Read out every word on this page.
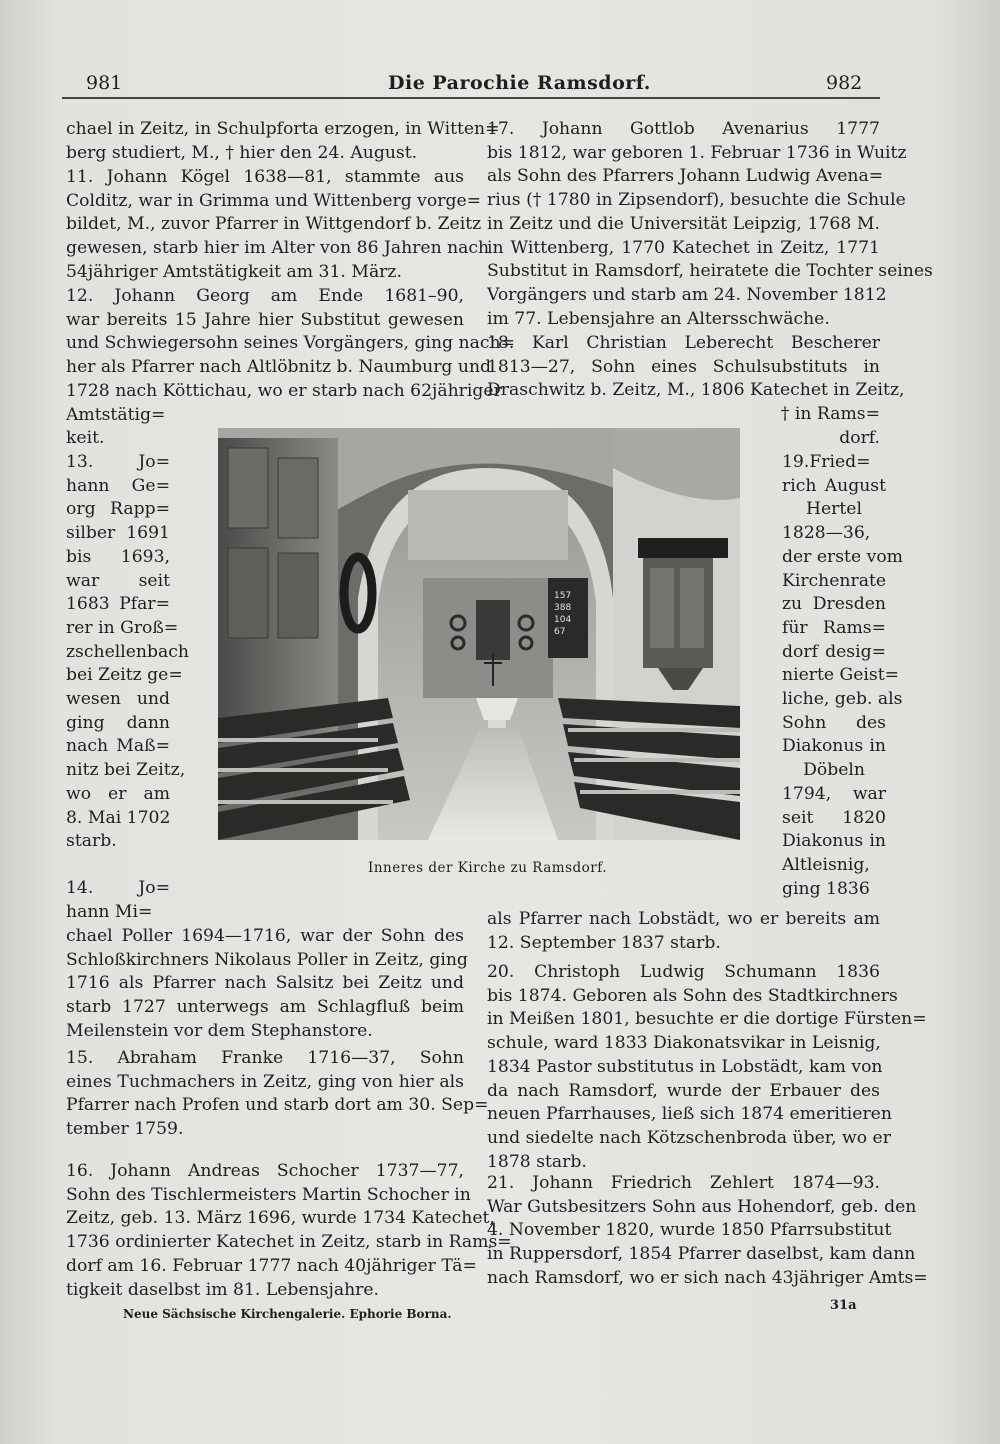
981	Die Parochie Ramsdorf.	982
chael in Zeitz, in Schulpforta erzogen, in Witten=
berg studiert, M., † hier den 24. August.
11. Johann Kögel 1638—81, stammte aus
Colditz, war in Grimma und Wittenberg vorge=
bildet, M., zuvor Pfarrer in Wittgendorf b. Zeitz
gewesen, starb hier im Alter von 86 Jahren nach
54jähriger Amtstätigkeit am 31. März.
12. Johann Georg am Ende 1681–90,
war bereits 15 Jahre hier Substitut gewesen
und Schwiegersohn seines Vorgängers, ging nach=
her als Pfarrer nach Altlöbnitz b. Naumburg und
1728 nach Köttichau, wo er starb nach 62jähriger
Amtstätig=
keit.
13. Jo=
hann Ge=
org Rapp=
silber 1691
bis 1693,
war seit
1683 Pfar=
rer in Groß=
zschellenbach
bei Zeitz ge=
wesen und
ging dann
nach Maß=
nitz bei Zeitz,
wo er am
8. Mai 1702
starb.
14. Jo=
hann Mi=
chael Poller 1694—1716, war der Sohn des
Schloßkirchners Nikolaus Poller in Zeitz, ging
1716 als Pfarrer nach Salsitz bei Zeitz und
starb 1727 unterwegs am Schlagfluß beim
Meilenstein vor dem Stephanstore.
15. Abraham Franke 1716—37, Sohn
eines Tuchmachers in Zeitz, ging von hier als
Pfarrer nach Profen und starb dort am 30. Sep=
tember 1759.
16. Johann Andreas Schocher 1737—77,
Sohn des Tischlermeisters Martin Schocher in
Zeitz, geb. 13. März 1696, wurde 1734 Katechet,
1736 ordinierter Katechet in Zeitz, starb in Rams=
dorf am 16. Februar 1777 nach 40jähriger Tä=
tigkeit daselbst im 81. Lebensjahre.
17. Johann Gottlob Avenarius 1777
bis 1812, war geboren 1. Februar 1736 in Wuitz
als Sohn des Pfarrers Johann Ludwig Avena=
rius († 1780 in Zipsendorf), besuchte die Schule
in Zeitz und die Universität Leipzig, 1768 M.
in Wittenberg, 1770 Katechet in Zeitz, 1771
Substitut in Ramsdorf, heiratete die Tochter seines
Vorgängers und starb am 24. November 1812
im 77. Lebensjahre an Altersschwäche.
18. Karl Christian Leberecht Bescherer
1813—27, Sohn eines Schulsubstituts in
Draschwitz b. Zeitz, M., 1806 Katechet in Zeitz,
† in Rams=
dorf.
19.Fried=
rich August
Hertel
1828—36,
der erste vom
Kirchenrate
zu Dresden
für Rams=
dorf desig=
nierte Geist=
liche, geb. als
Sohn des
Diakonus in
Döbeln
1794, war
seit 1820
Diakonus in
Altleisnig,
ging 1836
als Pfarrer nach Lobstädt, wo er bereits am
12. September 1837 starb.
20. Christoph Ludwig Schumann 1836
bis 1874. Geboren als Sohn des Stadtkirchners
in Meißen 1801, besuchte er die dortige Fürsten=
schule, ward 1833 Diakonatsvikar in Leisnig,
1834 Pastor substitutus in Lobstädt, kam von
da nach Ramsdorf, wurde der Erbauer des
neuen Pfarrhauses, ließ sich 1874 emeritieren
und siedelte nach Kötzschenbroda über, wo er
1878 starb.
21. Johann Friedrich Zehlert 1874—93.
War Gutsbesitzers Sohn aus Hohendorf, geb. den
4. November 1820, wurde 1850 Pfarrsubstitut
in Ruppersdorf, 1854 Pfarrer daselbst, kam dann
nach Ramsdorf, wo er sich nach 43jähriger Amts=
157
388
104
67
Inneres der Kirche zu Ramsdorf.
Neue Sächsische Kirchengalerie. Ephorie Borna.
31a
